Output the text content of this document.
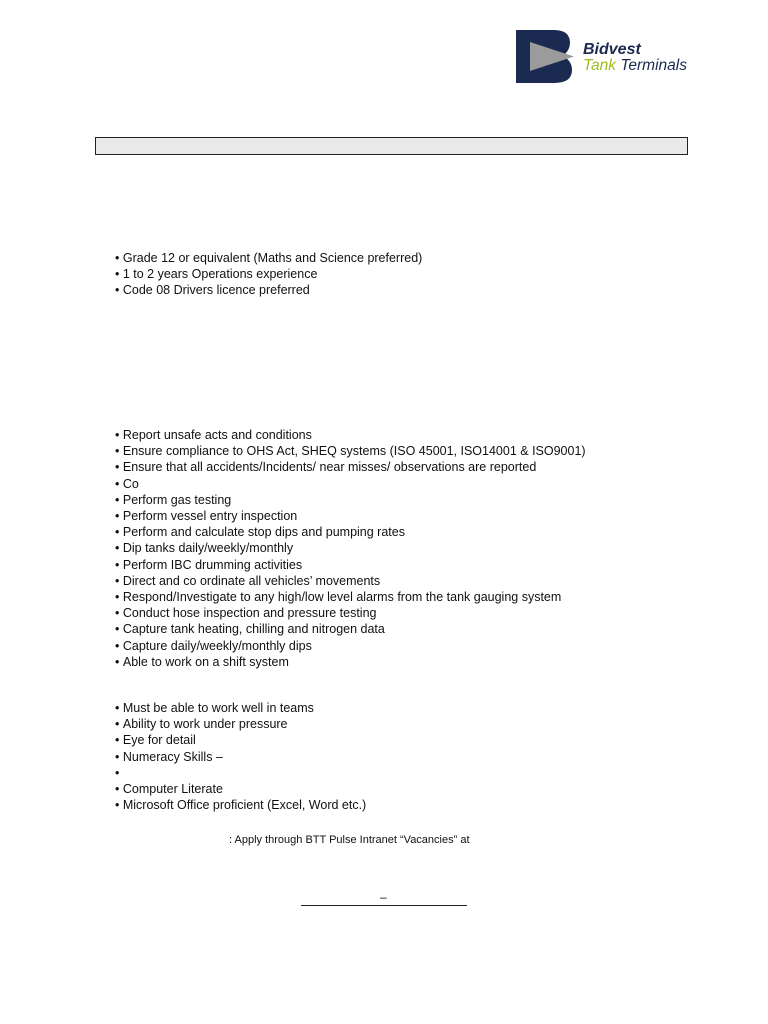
Bidvest
Tank Terminals
• Grade 12 or equivalent (Maths and Science preferred)
• 1 to 2 years Operations experience
• Code 08 Drivers licence preferred
• Report unsafe acts and conditions
• Ensure compliance to OHS Act, SHEQ systems (ISO 45001, ISO14001 & ISO9001)
• Ensure that all accidents/Incidents/ near misses/ observations are reported
• Co
• Perform gas testing
• Perform vessel entry inspection
• Perform and calculate stop dips and pumping rates
• Dip tanks daily/weekly/monthly
• Perform IBC drumming activities
• Direct and co ordinate all vehicles’ movements
• Respond/Investigate to any high/low level alarms from the tank gauging system
• Conduct hose inspection and pressure testing
• Capture tank heating, chilling and nitrogen data
• Capture daily/weekly/monthly dips
• Able to work on a shift system
• Must be able to work well in teams
• Ability to work under pressure
• Eye for detail
• Numeracy Skills –
•
• Computer Literate
• Microsoft Office proficient (Excel, Word etc.)
: Apply through BTT Pulse Intranet “Vacancies” at
–
